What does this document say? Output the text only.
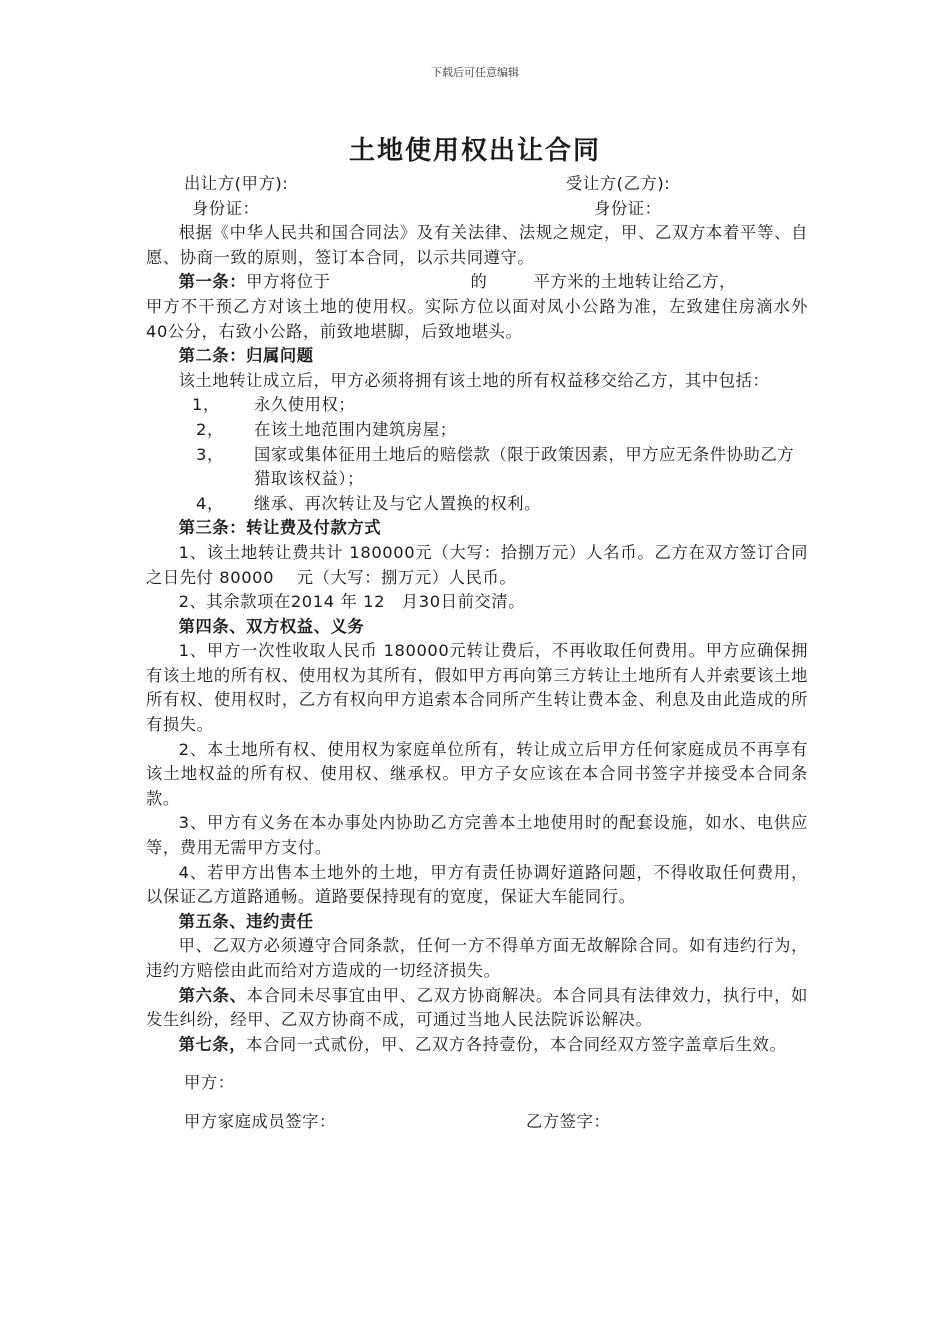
下载后可任意编辑
土地使用权出让合同
出让方(甲方):	受让方(乙方):
身份证：	身份证：

根据《中华人民共和国合同法》及有关法律、法规之规定，甲、乙双方本着平等、自愿、协商一致的原则，签订本合同，以示共同遵守。

第一条：甲方将位于	的	平方米的土地转让给乙方，

甲方不干预乙方对该土地的使用权。实际方位以面对凤小公路为准，左致建住房滴水外 40公分，右致小公路，前致地堪脚，后致地堪头。

第二条：归属问题

该土地转让成立后，甲方必须将拥有该土地的所有权益移交给乙方，其中包括：

1，	永久使用权；
2，	在该土地范围内建筑房屋；
3，	国家或集体征用土地后的赔偿款（限于政策因素，甲方应无条件协助乙方猎取该权益）；
4，	继承、再次转让及与它人置换的权利。

第三条：转让费及付款方式

1、该土地转让费共计 180000元（大写：拾捌万元）人名币。乙方在双方签订合同之日先付 80000　 元（大写：捌万元）人民币。

2、其余款项在2014 年 12　月30日前交清。

第四条、双方权益、义务

1、甲方一次性收取人民币 180000元转让费后，不再收取任何费用。甲方应确保拥有该土地的所有权、使用权为其所有，假如甲方再向第三方转让土地所有人并索要该土地所有权、使用权时，乙方有权向甲方追索本合同所产生转让费本金、利息及由此造成的所有损失。

2、本土地所有权、使用权为家庭单位所有，转让成立后甲方任何家庭成员不再享有该土地权益的所有权、使用权、继承权。甲方子女应该在本合同书签字并接受本合同条款。

3、甲方有义务在本办事处内协助乙方完善本土地使用时的配套设施，如水、电供应等，费用无需甲方支付。

4、若甲方出售本土地外的土地，甲方有责任协调好道路问题，不得收取任何费用，以保证乙方道路通畅。道路要保持现有的宽度，保证大车能同行。

第五条、违约责任

甲、乙双方必须遵守合同条款，任何一方不得单方面无故解除合同。如有违约行为，违约方赔偿由此而给对方造成的一切经济损失。

第六条、本合同未尽事宜由甲、乙双方协商解决。本合同具有法律效力，执行中，如发生纠纷，经甲、乙双方协商不成，可通过当地人民法院诉讼解决。

第七条，本合同一式贰份，甲、乙双方各持壹份，本合同经双方签字盖章后生效。

甲方：
甲方家庭成员签字：	乙方签字：
